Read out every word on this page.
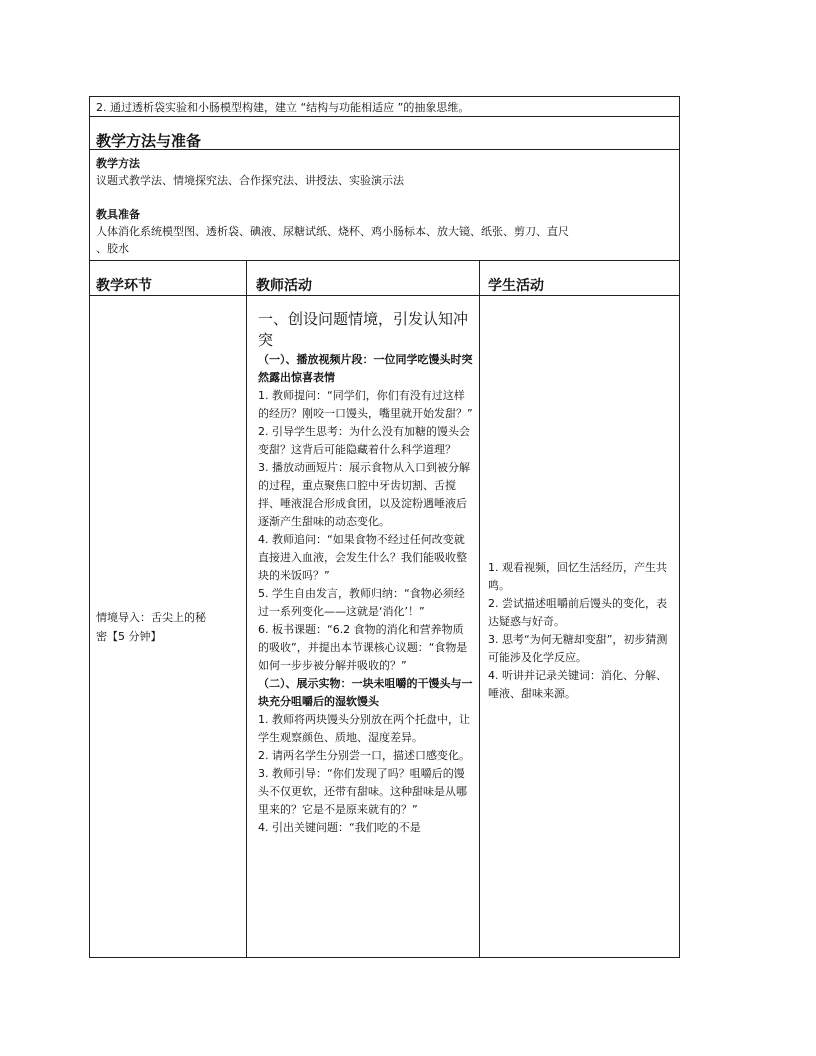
2. 通过透析袋实验和小肠模型构建，建立 “结构与功能相适应 ”的抽象思维。
教学方法与准备
教学方法
议题式教学法、情境探究法、合作探究法、讲授法、实验演示法
教具准备
人体消化系统模型图、透析袋、碘液、尿糖试纸、烧杯、鸡小肠标本、放大镜、纸张、剪刀、直尺
、胶水
教学环节	教师活动	学生活动
情境导入：舌尖上的秘
密【5 分钟】
一、创设问题情境，引发认知冲突

（一）、播放视频片段：一位同学吃馒头时突然露出惊喜表情

1. 教师提问：“同学们，你们有没有过这样的经历？刚咬一口馒头，嘴里就开始发甜？”

2. 引导学生思考：为什么没有加糖的馒头会变甜？这背后可能隐藏着什么科学道理？

3. 播放动画短片：展示食物从入口到被分解的过程，重点聚焦口腔中牙齿切割、舌搅拌、唾液混合形成食团，以及淀粉遇唾液后逐渐产生甜味的动态变化。

4. 教师追问：“如果食物不经过任何改变就直接进入血液，会发生什么？我们能吸收整块的米饭吗？”

5. 学生自由发言，教师归纳：“食物必须经过一系列变化——这就是‘消化’！”

6. 板书课题：“6.2 食物的消化和营养物质的吸收”，并提出本节课核心议题：“食物是如何一步步被分解并吸收的？”

（二）、展示实物：一块未咀嚼的干馒头与一块充分咀嚼后的湿软馒头

1. 教师将两块馒头分别放在两个托盘中，让学生观察颜色、质地、湿度差异。

2. 请两名学生分别尝一口，描述口感变化。

3. 教师引导：“你们发现了吗？咀嚼后的馒头不仅更软，还带有甜味。这种甜味是从哪里来的？它是不是原来就有的？”

4. 引出关键问题：“我们吃的不是

1. 观看视频，回忆生活经历，产生共鸣。

2. 尝试描述咀嚼前后馒头的变化，表达疑惑与好奇。

3. 思考“为何无糖却变甜”，初步猜测可能涉及化学反应。

4. 听讲并记录关键词：消化、分解、唾液、甜味来源。
